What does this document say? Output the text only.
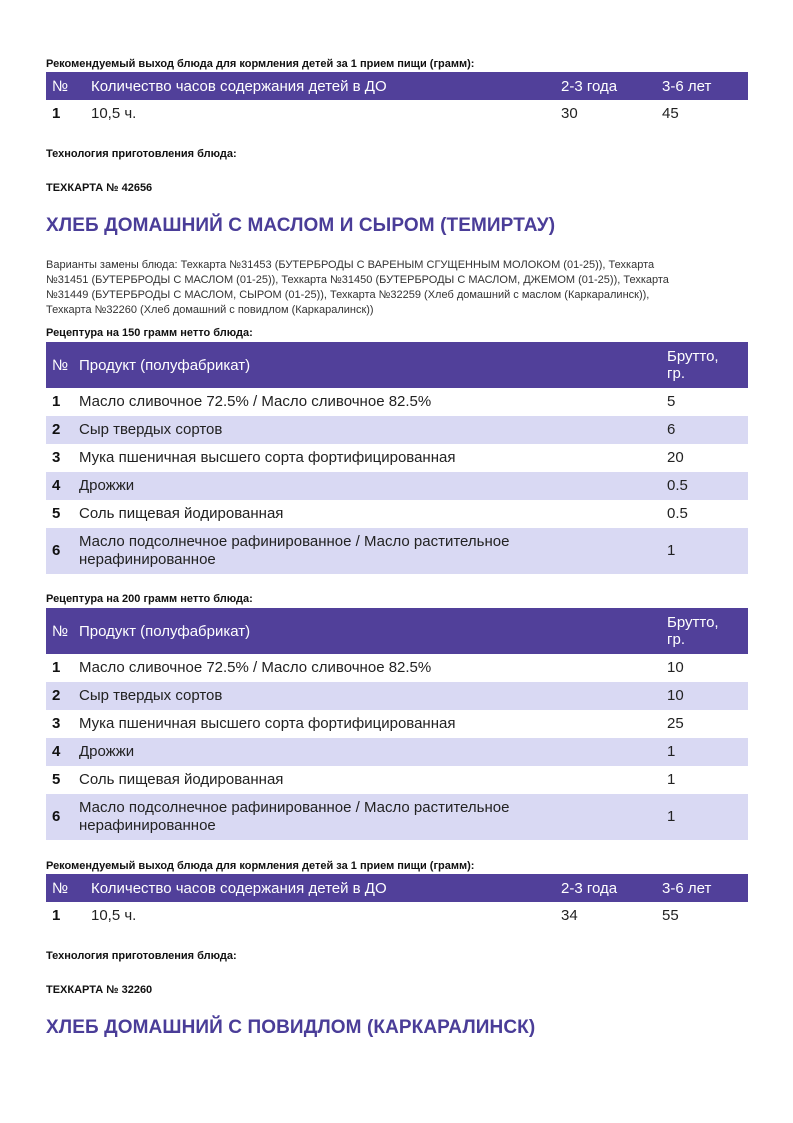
Рекомендуемый выход блюда для кормления детей за 1 прием пищи (грамм):
№	Количество часов содержания детей в ДО	2-3 года	3-6 лет
1	10,5 ч.	30	45
Технология приготовления блюда:
ТЕХКАРТА № 42656
ХЛЕБ ДОМАШНИЙ С МАСЛОМ И СЫРОМ (ТЕМИРТАУ)
Варианты замены блюда: Техкарта №31453 (БУТЕРБРОДЫ С ВАРЕНЫМ СГУЩЕННЫМ МОЛОКОМ (01-25)), Техкарта
№31451 (БУТЕРБРОДЫ С МАСЛОМ (01-25)), Техкарта №31450 (БУТЕРБРОДЫ С МАСЛОМ, ДЖЕМОМ (01-25)), Техкарта
№31449 (БУТЕРБРОДЫ С МАСЛОМ, СЫРОМ (01-25)), Техкарта №32259 (Хлеб домашний с маслом (Каркаралинск)),
Техкарта №32260 (Хлеб домашний с повидлом (Каркаралинск))
Рецептура на 150 грамм нетто блюда:
№	Продукт (полуфабрикат)	Брутто,
гр.

1	Масло сливочное 72.5% / Масло сливочное 82.5%	5
2	Сыр твердых сортов	6
3	Мука пшеничная высшего сорта фортифицированная	20
4	Дрожжи	0.5
5	Соль пищевая йодированная	0.5
6	Масло подсолнечное рафинированное / Масло растительное
нерафинированное	1
Рецептура на 200 грамм нетто блюда:
№	Продукт (полуфабрикат)	Брутто,
гр.

1	Масло сливочное 72.5% / Масло сливочное 82.5%	10
2	Сыр твердых сортов	10
3	Мука пшеничная высшего сорта фортифицированная	25
4	Дрожжи	1
5	Соль пищевая йодированная	1
6	Масло подсолнечное рафинированное / Масло растительное
нерафинированное	1
Рекомендуемый выход блюда для кормления детей за 1 прием пищи (грамм):
№	Количество часов содержания детей в ДО	2-3 года	3-6 лет
1	10,5 ч.	34	55
Технология приготовления блюда:
ТЕХКАРТА № 32260
ХЛЕБ ДОМАШНИЙ С ПОВИДЛОМ (КАРКАРАЛИНСК)
